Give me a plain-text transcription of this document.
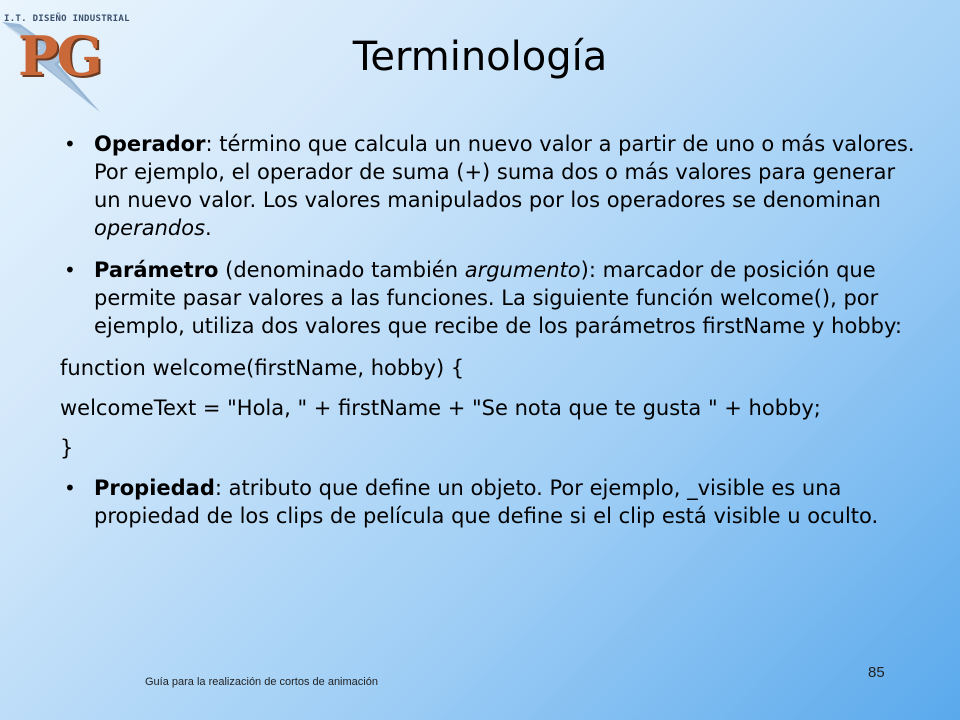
I.T. DISEÑO INDUSTRIAL
PG	Terminología
• Operador: término que calcula un nuevo valor a partir de uno o más valores. Por ejemplo, el operador de suma (+) suma dos o más valores para generar un nuevo valor. Los valores manipulados por los operadores se denominan operandos.
• Parámetro (denominado también argumento): marcador de posición que permite pasar valores a las funciones. La siguiente función welcome(), por ejemplo, utiliza dos valores que recibe de los parámetros firstName y hobby:
function welcome(firstName, hobby) {
welcomeText = "Hola, " + firstName + "Se nota que te gusta " + hobby;
}
• Propiedad: atributo que define un objeto. Por ejemplo, _visible es una propiedad de los clips de película que define si el clip está visible u oculto.
Guía para la realización de cortos de animación
85
